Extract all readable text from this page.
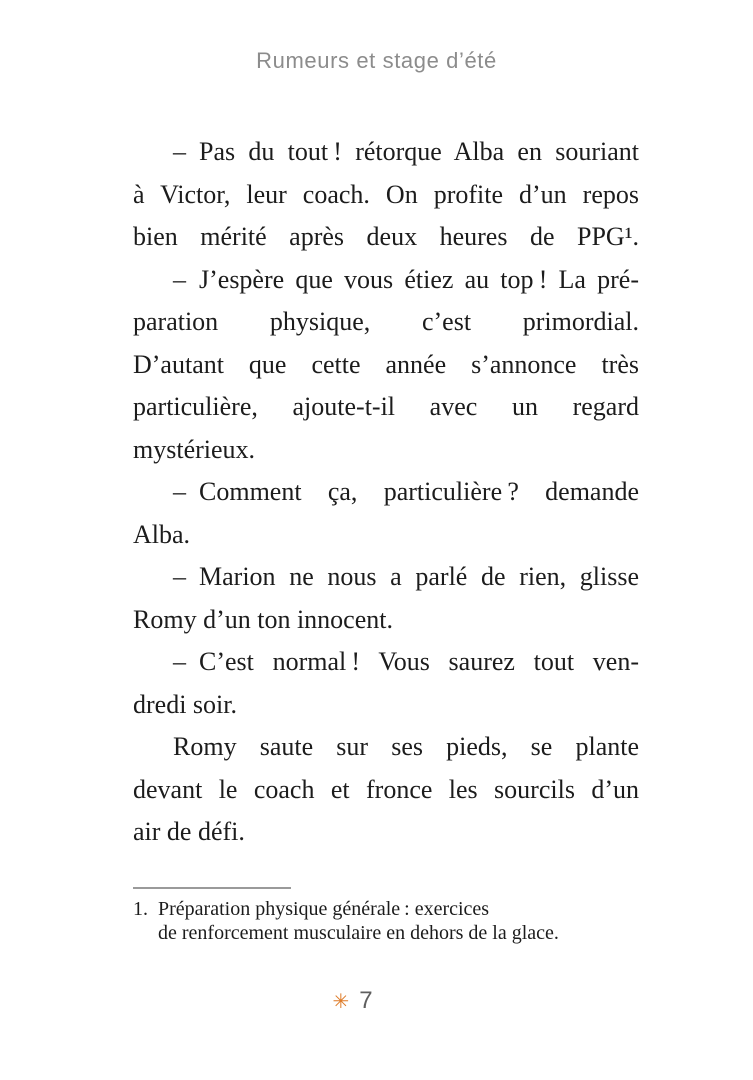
Rumeurs et stage d’été
– Pas du tout ! rétorque Alba en souriant
à Victor, leur coach. On profite d’un repos
bien mérité après deux heures de PPG¹.
– J’espère que vous étiez au top ! La pré-
paration physique, c’est primordial.
D’autant que cette année s’annonce très
particulière, ajoute-t-il avec un regard
mystérieux.
– Comment ça, particulière ? demande
Alba.
– Marion ne nous a parlé de rien, glisse
Romy d’un ton innocent.
– C’est normal ! Vous saurez tout ven-
dredi soir.
Romy saute sur ses pieds, se plante
devant le coach et fronce les sourcils d’un
air de défi.
1. Préparation physique générale : exercices
de renforcement musculaire en dehors de la glace.
✳︎ 7
